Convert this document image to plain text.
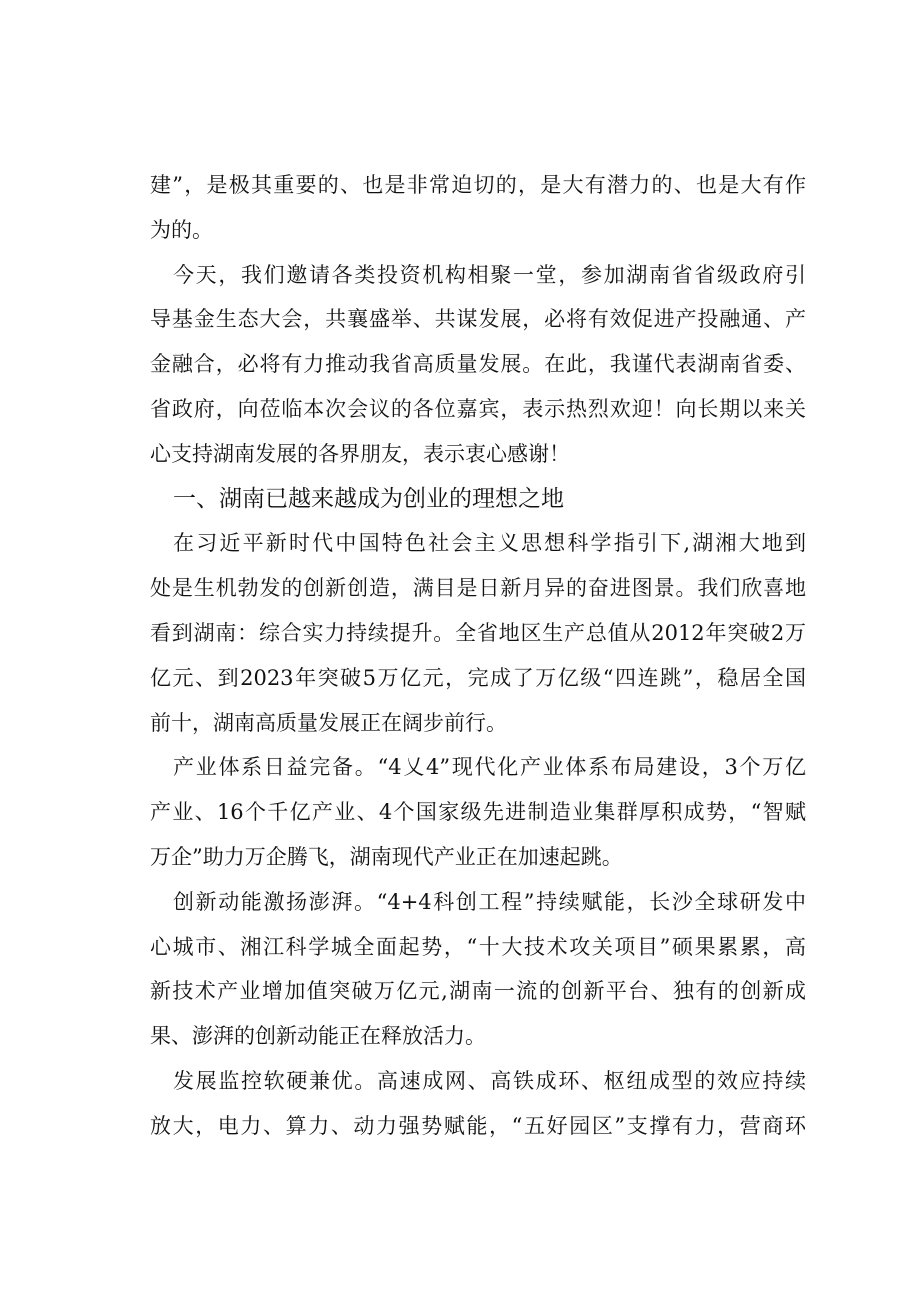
建”，是极其重要的、也是非常迫切的，是大有潜力的、也是大有作
为的。
今天，我们邀请各类投资机构相聚一堂，参加湖南省省级政府引
导基金生态大会，共襄盛举、共谋发展，必将有效促进产投融通、产
金融合，必将有力推动我省高质量发展。在此，我谨代表湖南省委、
省政府，向莅临本次会议的各位嘉宾，表示热烈欢迎！向长期以来关
心支持湖南发展的各界朋友，表示衷心感谢！
一、湖南已越来越成为创业的理想之地
在习近平新时代中国特色社会主义思想科学指引下,湖湘大地到
处是生机勃发的创新创造，满目是日新月异的奋进图景。我们欣喜地
看到湖南：综合实力持续提升。全省地区生产总值从2012年突破2万
亿元、到2023年突破5万亿元，完成了万亿级“四连跳”，稳居全国
前十，湖南高质量发展正在阔步前行。
产业体系日益完备。“4乂4”现代化产业体系布局建设，3个万亿
产业、16个千亿产业、4个国家级先进制造业集群厚积成势，“智赋
万企”助力万企腾飞，湖南现代产业正在加速起跳。
创新动能激扬澎湃。“4+4科创工程”持续赋能，长沙全球研发中
心城市、湘江科学城全面起势，“十大技术攻关项目”硕果累累，高
新技术产业增加值突破万亿元,湖南一流的创新平台、独有的创新成
果、澎湃的创新动能正在释放活力。
发展监控软硬兼优。高速成网、高铁成环、枢纽成型的效应持续
放大，电力、算力、动力强势赋能，“五好园区”支撑有力，营商环
